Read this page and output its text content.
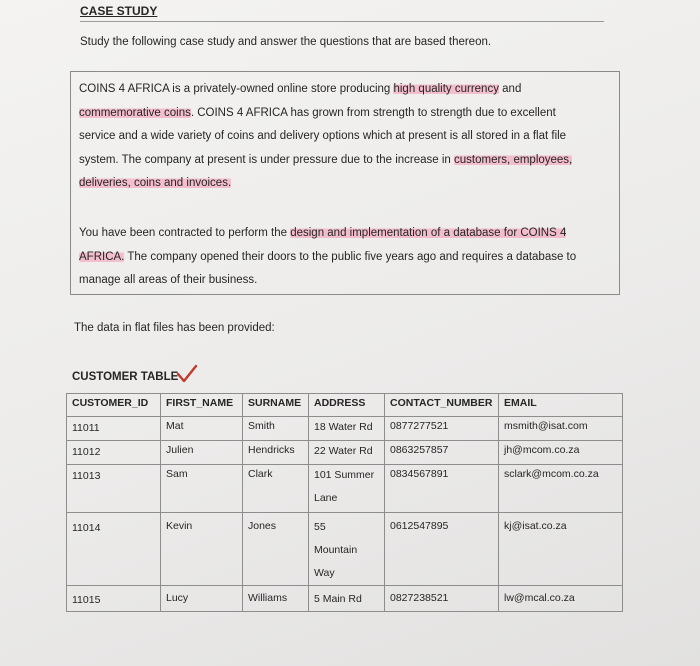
CASE STUDY
Study the following case study and answer the questions that are based thereon.
COINS 4 AFRICA is a privately-owned online store producing high quality currency and
commemorative coins. COINS 4 AFRICA has grown from strength to strength due to excellent
service and a wide variety of coins and delivery options which at present is all stored in a flat file
system. The company at present is under pressure due to the increase in customers, employees,
deliveries, coins and invoices.
You have been contracted to perform the design and implementation of a database for COINS 4
AFRICA. The company opened their doors to the public five years ago and requires a database to
manage all areas of their business.
The data in flat files has been provided:
CUSTOMER TABLE
CUSTOMER_ID	FIRST_NAME	SURNAME	ADDRESS	CONTACT_NUMBER	EMAIL
11011	Mat	Smith	18 Water Rd	0877277521	msmith@isat.com
11012	Julien	Hendricks	22 Water Rd	0863257857	jh@mcom.co.za
11013	Sam	Clark	101 Summer
Lane	0834567891	sclark@mcom.co.za
11014	Kevin	Jones	55
Mountain
Way	0612547895	kj@isat.co.za
11015	Lucy	Williams	5 Main Rd	0827238521	lw@mcal.co.za
